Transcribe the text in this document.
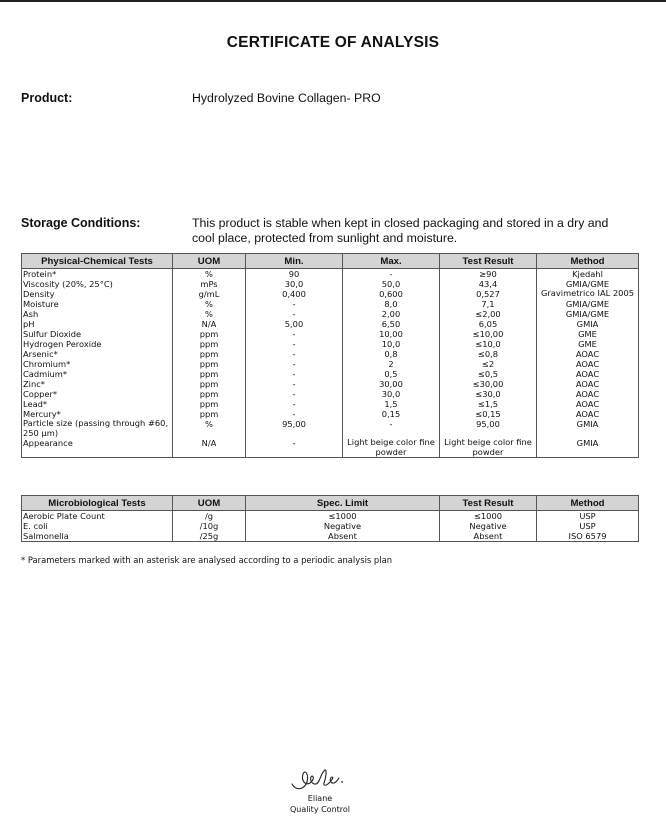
CERTIFICATE OF ANALYSIS
Product:	Hydrolyzed Bovine Collagen- PRO
Storage Conditions:	This product is stable when kept in closed packaging and stored in a dry and cool place, protected from sunlight and moisture.
Physical-Chemical Tests	UOM	Min.	Max.	Test Result	Method
Protein*	%	90	-	≥90	Kjedahl
Viscosity (20%, 25°C)	mPs	30,0	50,0	43,4	GMIA/GME
Density	g/mL	0,400	0,600	0,527	Gravimetrico IAL 2005
Moisture	%	-	8,0	7,1	GMIA/GME
Ash	%	-	2,00	≤2,00	GMIA/GME
pH	N/A	5,00	6,50	6,05	GMIA
Sulfur Dioxide	ppm	-	10,00	≤10,00	GME
Hydrogen Peroxide	ppm	-	10,0	≤10,0	GME
Arsenic*	ppm	-	0,8	≤0,8	AOAC
Chromium*	ppm	-	2	≤2	AOAC
Cadmium*	ppm	-	0,5	≤0,5	AOAC
Zinc*	ppm	-	30,00	≤30,00	AOAC
Copper*	ppm	-	30,0	≤30,0	AOAC
Lead*	ppm	-	1,5	≤1,5	AOAC
Mercury*	ppm	-	0,15	≤0,15	AOAC
Particle size (passing through #60, 250 µm)	%	95,00	-	95,00	GMIA
Appearance	N/A	-	Light beige color fine powder	Light beige color fine powder	GMIA
Microbiological Tests	UOM	Spec. Limit	Test Result	Method
Aerobic Plate Count	/g	≤1000	≤1000	USP
E. coli	/10g	Negative	Negative	USP
Salmonella	/25g	Absent	Absent	ISO 6579
* Parameters marked with an asterisk are analysed according to a periodic analysis plan
Eliane
Quality Control
